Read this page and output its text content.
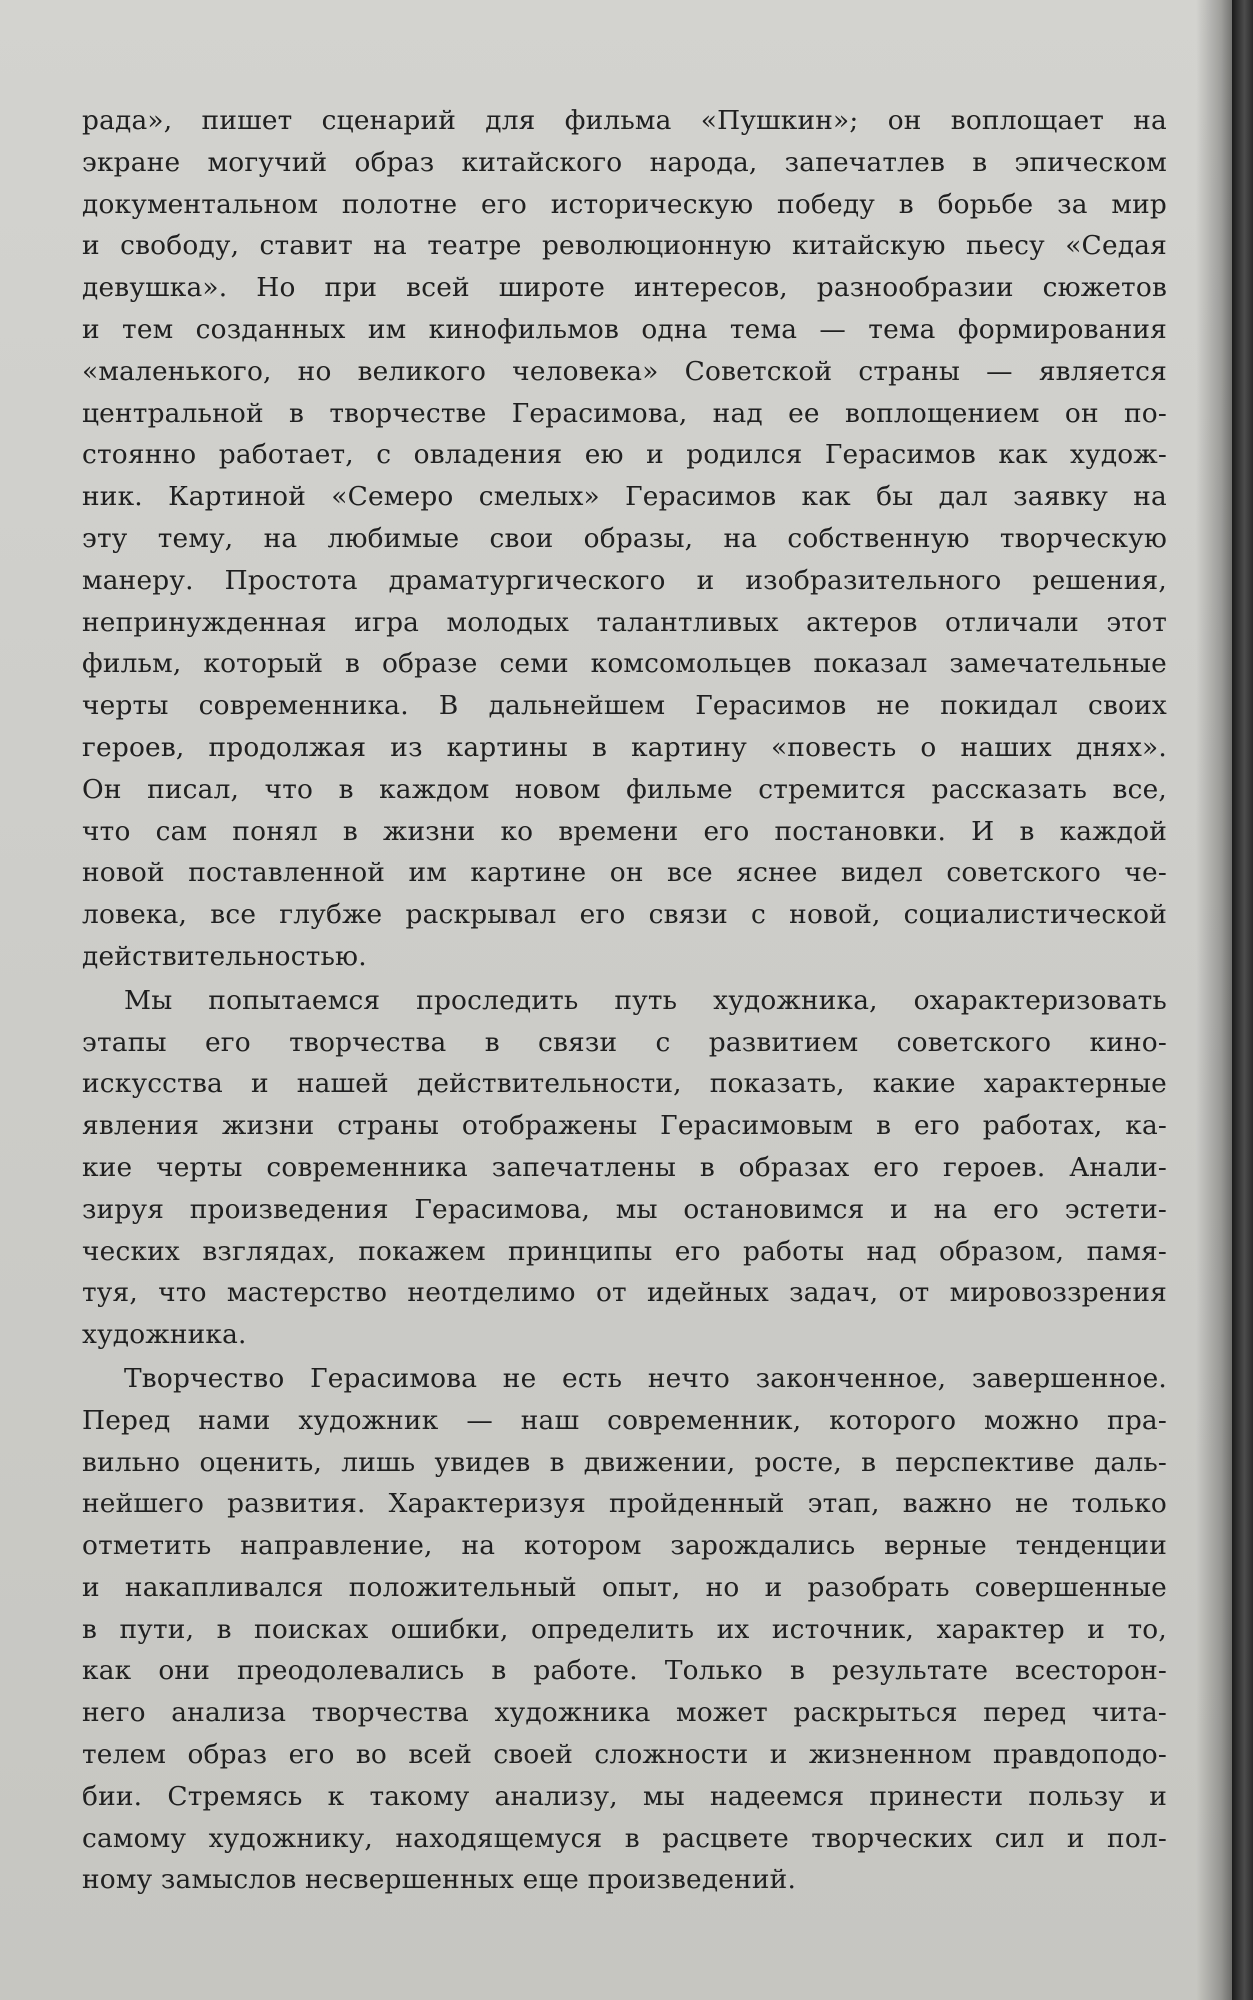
рада», пишет сценарий для фильма «Пушкин»; он воплощает на
экране могучий образ китайского народа, запечатлев в эпическом
документальном полотне его историческую победу в борьбе за мир
и свободу, ставит на театре революционную китайскую пьесу «Седая
девушка». Но при всей широте интересов, разнообразии сюжетов
и тем созданных им кинофильмов одна тема — тема формирования
«маленького, но великого человека» Советской страны — является
центральной в творчестве Герасимова, над ее воплощением он по-
стоянно работает, с овладения ею и родился Герасимов как худож-
ник. Картиной «Семеро смелых» Герасимов как бы дал заявку на
эту тему, на любимые свои образы, на собственную творческую
манеру. Простота драматургического и изобразительного решения,
непринужденная игра молодых талантливых актеров отличали этот
фильм, который в образе семи комсомольцев показал замечательные
черты современника. В дальнейшем Герасимов не покидал своих
героев, продолжая из картины в картину «повесть о наших днях».
Он писал, что в каждом новом фильме стремится рассказать все,
что сам понял в жизни ко времени его постановки. И в каждой
новой поставленной им картине он все яснее видел советского че-
ловека, все глубже раскрывал его связи с новой, социалистической
действительностью.

Мы попытаемся проследить путь художника, охарактеризовать
этапы его творчества в связи с развитием советского кино-
искусства и нашей действительности, показать, какие характерные
явления жизни страны отображены Герасимовым в его работах, ка-
кие черты современника запечатлены в образах его героев. Анали-
зируя произведения Герасимова, мы остановимся и на его эстети-
ческих взглядах, покажем принципы его работы над образом, памя-
туя, что мастерство неотделимо от идейных задач, от мировоззрения
художника.

Творчество Герасимова не есть нечто законченное, завершенное.
Перед нами художник — наш современник, которого можно пра-
вильно оценить, лишь увидев в движении, росте, в перспективе даль-
нейшего развития. Характеризуя пройденный этап, важно не только
отметить направление, на котором зарождались верные тенденции
и накапливался положительный опыт, но и разобрать совершенные
в пути, в поисках ошибки, определить их источник, характер и то,
как они преодолевались в работе. Только в результате всесторон-
него анализа творчества художника может раскрыться перед чита-
телем образ его во всей своей сложности и жизненном правдоподо-
бии. Стремясь к такому анализу, мы надеемся принести пользу и
самому художнику, находящемуся в расцвете творческих сил и пол-
ному замыслов несвершенных еще произведений.
